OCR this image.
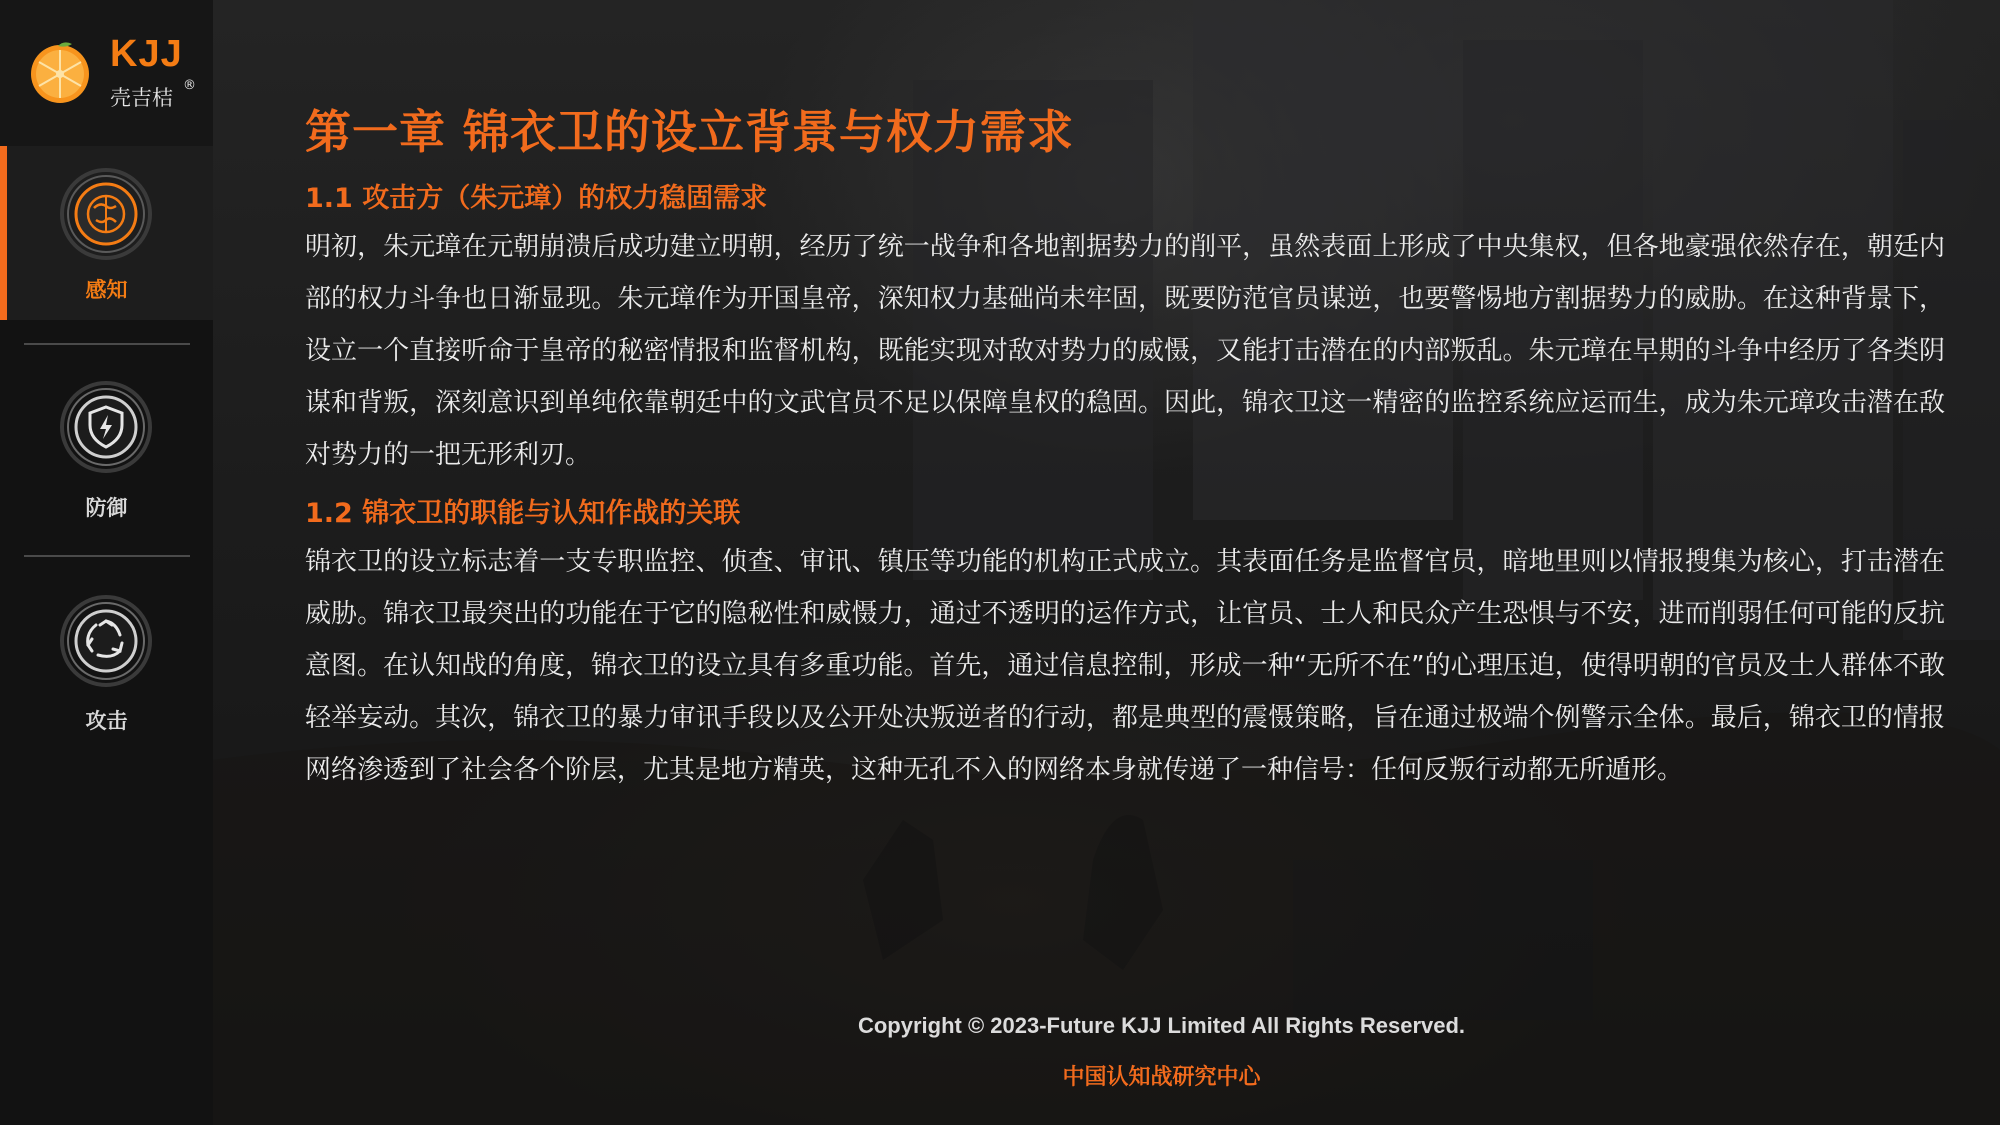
KJJ
壳吉桔
®
感知
防御
攻击
第一章 锦衣卫的设立背景与权力需求
1.1 攻击方（朱元璋）的权力稳固需求

明初，朱元璋在元朝崩溃后成功建立明朝，经历了统一战争和各地割据势力的削平，虽然表面上形成了中央集权，但各地豪强依然存在，朝廷内部的权力斗争也日渐显现。朱元璋作为开国皇帝，深知权力基础尚未牢固，既要防范官员谋逆，也要警惕地方割据势力的威胁。在这种背景下，设立一个直接听命于皇帝的秘密情报和监督机构，既能实现对敌对势力的威慑，又能打击潜在的内部叛乱。朱元璋在早期的斗争中经历了各类阴谋和背叛，深刻意识到单纯依靠朝廷中的文武官员不足以保障皇权的稳固。因此，锦衣卫这一精密的监控系统应运而生，成为朱元璋攻击潜在敌对势力的一把无形利刃。

1.2 锦衣卫的职能与认知作战的关联

锦衣卫的设立标志着一支专职监控、侦查、审讯、镇压等功能的机构正式成立。其表面任务是监督官员，暗地里则以情报搜集为核心，打击潜在威胁。锦衣卫最突出的功能在于它的隐秘性和威慑力，通过不透明的运作方式，让官员、士人和民众产生恐惧与不安，进而削弱任何可能的反抗意图。在认知战的角度，锦衣卫的设立具有多重功能。首先，通过信息控制，形成一种“无所不在”的心理压迫，使得明朝的官员及士人群体不敢轻举妄动。其次，锦衣卫的暴力审讯手段以及公开处决叛逆者的行动，都是典型的震慑策略，旨在通过极端个例警示全体。最后，锦衣卫的情报网络渗透到了社会各个阶层，尤其是地方精英，这种无孔不入的网络本身就传递了一种信号：任何反叛行动都无所遁形。

Copyright © 2023-Future KJJ Limited All Rights Reserved.
中国认知战研究中心
